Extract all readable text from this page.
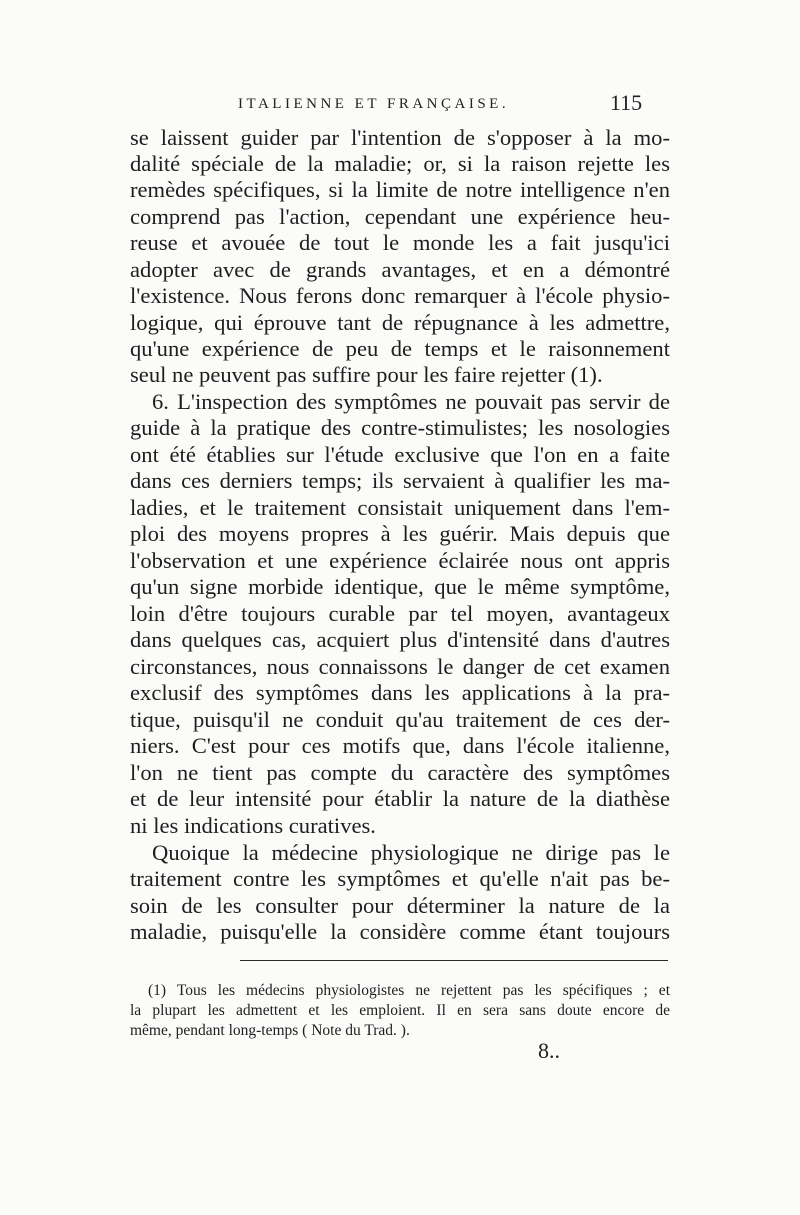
ITALIENNE ET FRANÇAISE.	115
se laissent guider par l'intention de s'opposer à la mo-
dalité spéciale de la maladie; or, si la raison rejette les
remèdes spécifiques, si la limite de notre intelligence n'en
comprend pas l'action, cependant une expérience heu-
reuse et avouée de tout le monde les a fait jusqu'ici
adopter avec de grands avantages, et en a démontré
l'existence. Nous ferons donc remarquer à l'école physio-
logique, qui éprouve tant de répugnance à les admettre,
qu'une expérience de peu de temps et le raisonnement
seul ne peuvent pas suffire pour les faire rejetter (1).
6. L'inspection des symptômes ne pouvait pas servir de
guide à la pratique des contre-stimulistes; les nosologies
ont été établies sur l'étude exclusive que l'on en a faite
dans ces derniers temps; ils servaient à qualifier les ma-
ladies, et le traitement consistait uniquement dans l'em-
ploi des moyens propres à les guérir. Mais depuis que
l'observation et une expérience éclairée nous ont appris
qu'un signe morbide identique, que le même symptôme,
loin d'être toujours curable par tel moyen, avantageux
dans quelques cas, acquiert plus d'intensité dans d'autres
circonstances, nous connaissons le danger de cet examen
exclusif des symptômes dans les applications à la pra-
tique, puisqu'il ne conduit qu'au traitement de ces der-
niers. C'est pour ces motifs que, dans l'école italienne,
l'on ne tient pas compte du caractère des symptômes
et de leur intensité pour établir la nature de la diathèse
ni les indications curatives.
Quoique la médecine physiologique ne dirige pas le
traitement contre les symptômes et qu'elle n'ait pas be-
soin de les consulter pour déterminer la nature de la
maladie, puisqu'elle la considère comme étant toujours
(1) Tous les médecins physiologistes ne rejettent pas les spécifiques ; et
la plupart les admettent et les emploient. Il en sera sans doute encore de
même, pendant long-temps ( Note du Trad. ).
8..
